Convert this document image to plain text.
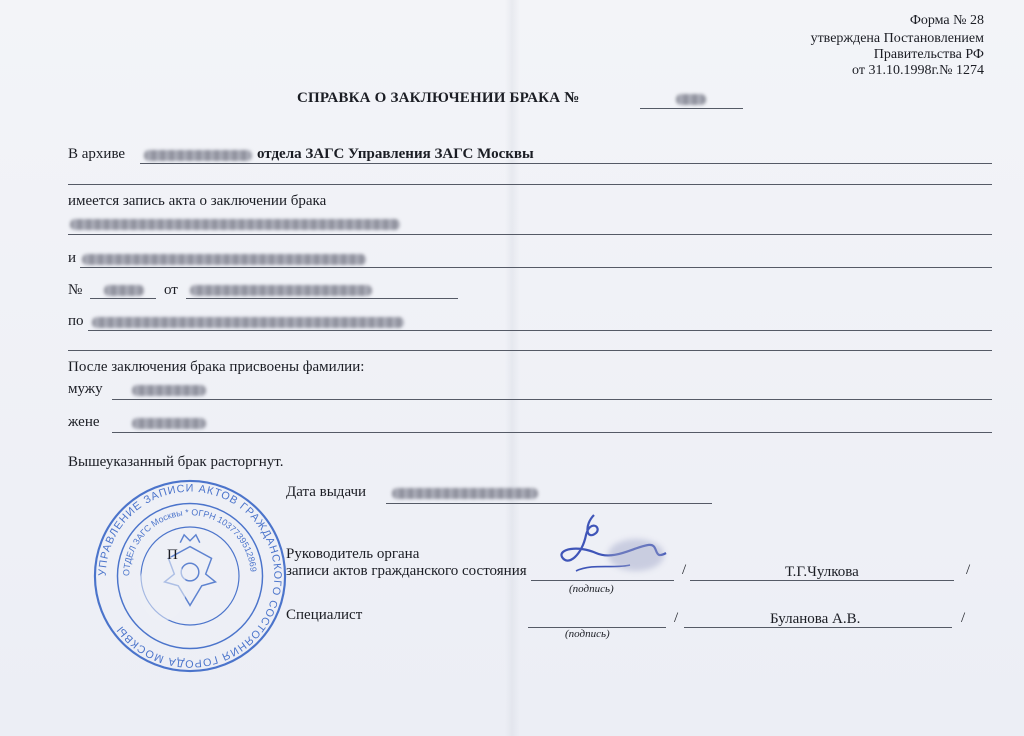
Форма № 28
утверждена Постановлением
Правительства РФ
от 31.10.1998г.№ 1274
СПРАВКА О ЗАКЛЮЧЕНИИ БРАКА №
В архиве	отдела ЗАГС Управления ЗАГС Москвы
имеется запись акта о заключении брака
и
№	от
по
После заключения брака присвоены фамилии:
мужу
жене
Вышеуказанный брак расторгнут.
Дата выдачи
УПРАВЛЕНИЕ ЗАПИСИ АКТОВ ГРАЖДАНСКОГО СОСТОЯНИЯ ГОРОДА МОСКВЫ
ОТДЕЛ ЗАГС Москвы * ОГРН 1037739512869
П	Руководитель органа
записи актов гражданского состояния
(подпись)
/	Т.Г.Чулкова	/
Специалист
(подпись)
/	Буланова А.В.	/
